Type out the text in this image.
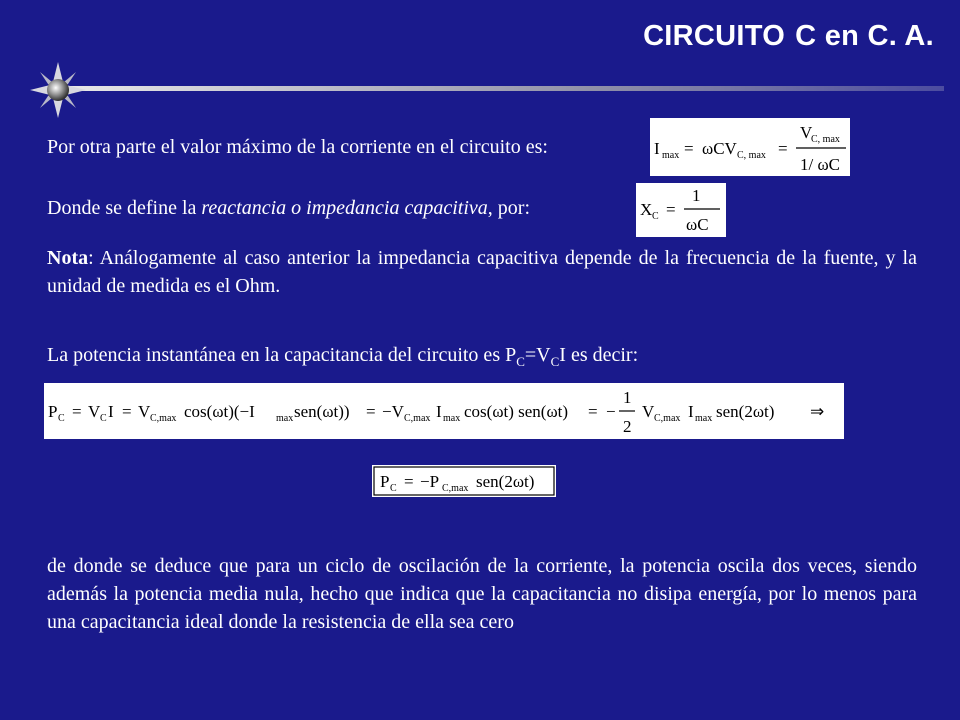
CIRCUITO C en C. A.
Por otra parte el valor máximo de la corriente en el circuito es:	I max = ωCV C, max =
V
C, max
1/ ωC
Donde se define la reactancia o impedancia capacitiva, por:	X C =
1
ωC
Nota: Análogamente al caso anterior la impedancia capacitiva depende de la frecuencia de la fuente, y la unidad de medida es el Ohm.
La potencia instantánea en la capacitancia del circuito es $P_C=V_CI$ es decir:
P C = V C I = V C,max cos(ωt)(−I max sen(ωt)) = −V C,max I max cos(ωt) sen(ωt) = −
1
2
V C,max I max sen(2ωt) ⇒
P C = −P C,max sen(2ωt)
de donde se deduce que para un ciclo de oscilación de la corriente, la potencia oscila dos veces, siendo además la potencia media nula, hecho que indica que la capacitancia no disipa energía, por lo menos para una capacitancia ideal donde la resistencia de ella sea cero
